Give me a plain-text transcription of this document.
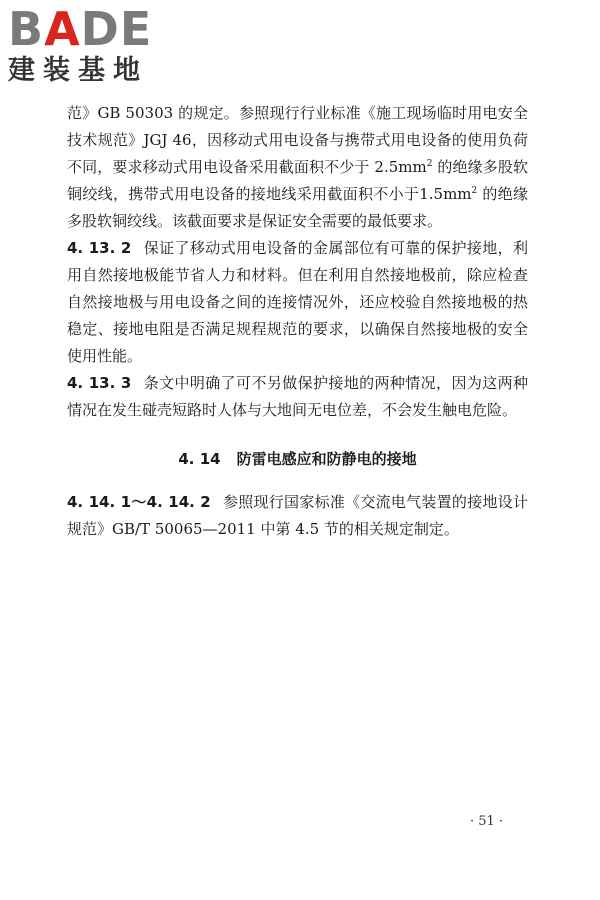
BADE
建装基地

范》GB 50303 的规定。参照现行行业标准《施工现场临时用电安全技术规范》JGJ 46，因移动式用电设备与携带式用电设备的使用负荷不同，要求移动式用电设备采用截面积不少于 $2.5mm^2$ 的绝缘多股软铜绞线，携带式用电设备的接地线采用截面积不小于$1.5mm^2$ 的绝缘多股软铜绞线。该截面要求是保证安全需要的最低要求。

4. 13. 2 保证了移动式用电设备的金属部位有可靠的保护接地，利用自然接地极能节省人力和材料。但在利用自然接地极前，除应检查自然接地极与用电设备之间的连接情况外，还应校验自然接地极的热稳定、接地电阻是否满足规程规范的要求，以确保自然接地极的安全使用性能。

4. 13. 3 条文中明确了可不另做保护接地的两种情况，因为这两种情况在发生碰壳短路时人体与大地间无电位差，不会发生触电危险。

4. 14 防雷电感应和防静电的接地

4. 14. 1～4. 14. 2 参照现行国家标准《交流电气装置的接地设计规范》GB/T 50065—2011 中第 4.5 节的相关规定制定。

· 51 ·
